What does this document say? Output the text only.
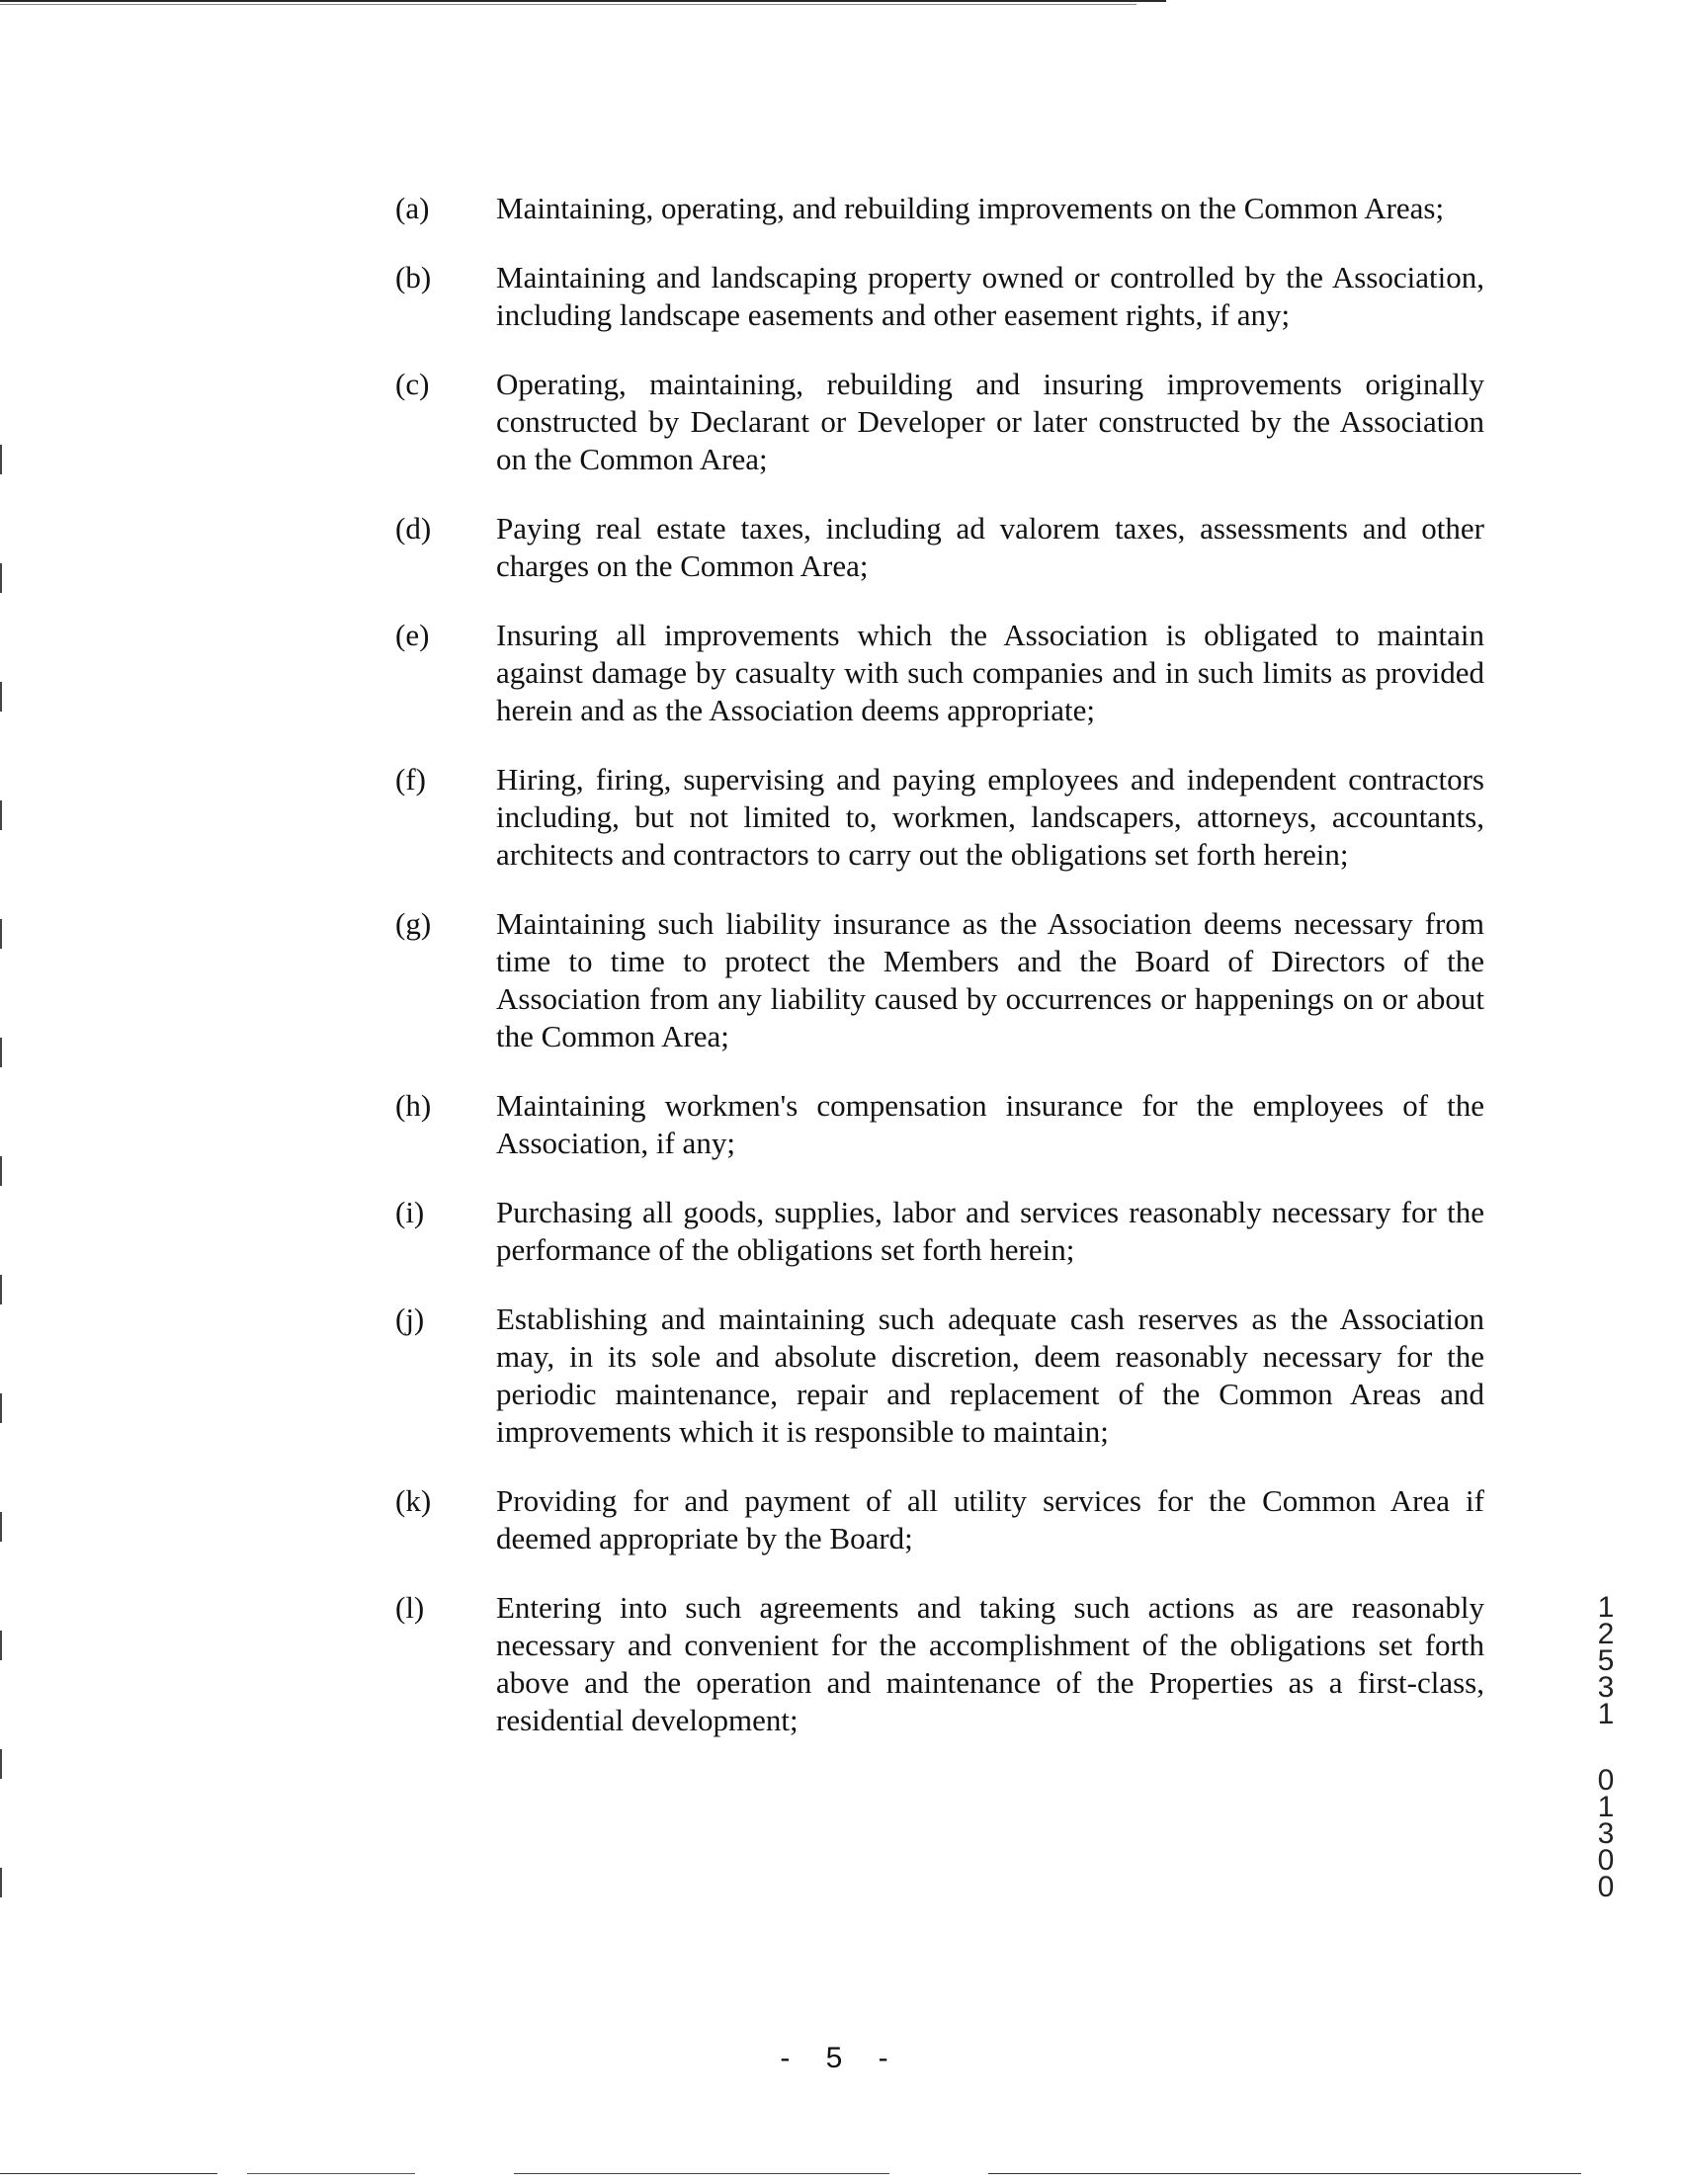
(a)	Maintaining, operating, and rebuilding improvements on the Common Areas;
(b)	Maintaining and landscaping property owned or controlled by the Association, including landscape easements and other easement rights, if any;
(c)	Operating, maintaining, rebuilding and insuring improvements originally constructed by Declarant or Developer or later constructed by the Association on the Common Area;
(d)	Paying real estate taxes, including ad valorem taxes, assessments and other charges on the Common Area;
(e)	Insuring all improvements which the Association is obligated to maintain against damage by casualty with such companies and in such limits as provided herein and as the Association deems appropriate;
(f)	Hiring, firing, supervising and paying employees and independent contractors including, but not limited to, workmen, landscapers, attorneys, accountants, architects and contractors to carry out the obligations set forth herein;
(g)	Maintaining such liability insurance as the Association deems necessary from time to time to protect the Members and the Board of Directors of the Association from any liability caused by occurrences or happenings on or about the Common Area;
(h)	Maintaining workmen's compensation insurance for the employees of the Association, if any;
(i)	Purchasing all goods, supplies, labor and services reasonably necessary for the performance of the obligations set forth herein;
(j)	Establishing and maintaining such adequate cash reserves as the Association may, in its sole and absolute discretion, deem reasonably necessary for the periodic maintenance, repair and replacement of the Common Areas and improvements which it is responsible to maintain;
(k)	Providing for and payment of all utility services for the Common Area if deemed appropriate by the Board;
(l)	Entering into such agreements and taking such actions as are reasonably necessary and convenient for the accomplishment of the obligations set forth above and the operation and maintenance of the Properties as a first-class, residential development;
1
2
5
3
1
0
1
3
0
0
- 5 -
